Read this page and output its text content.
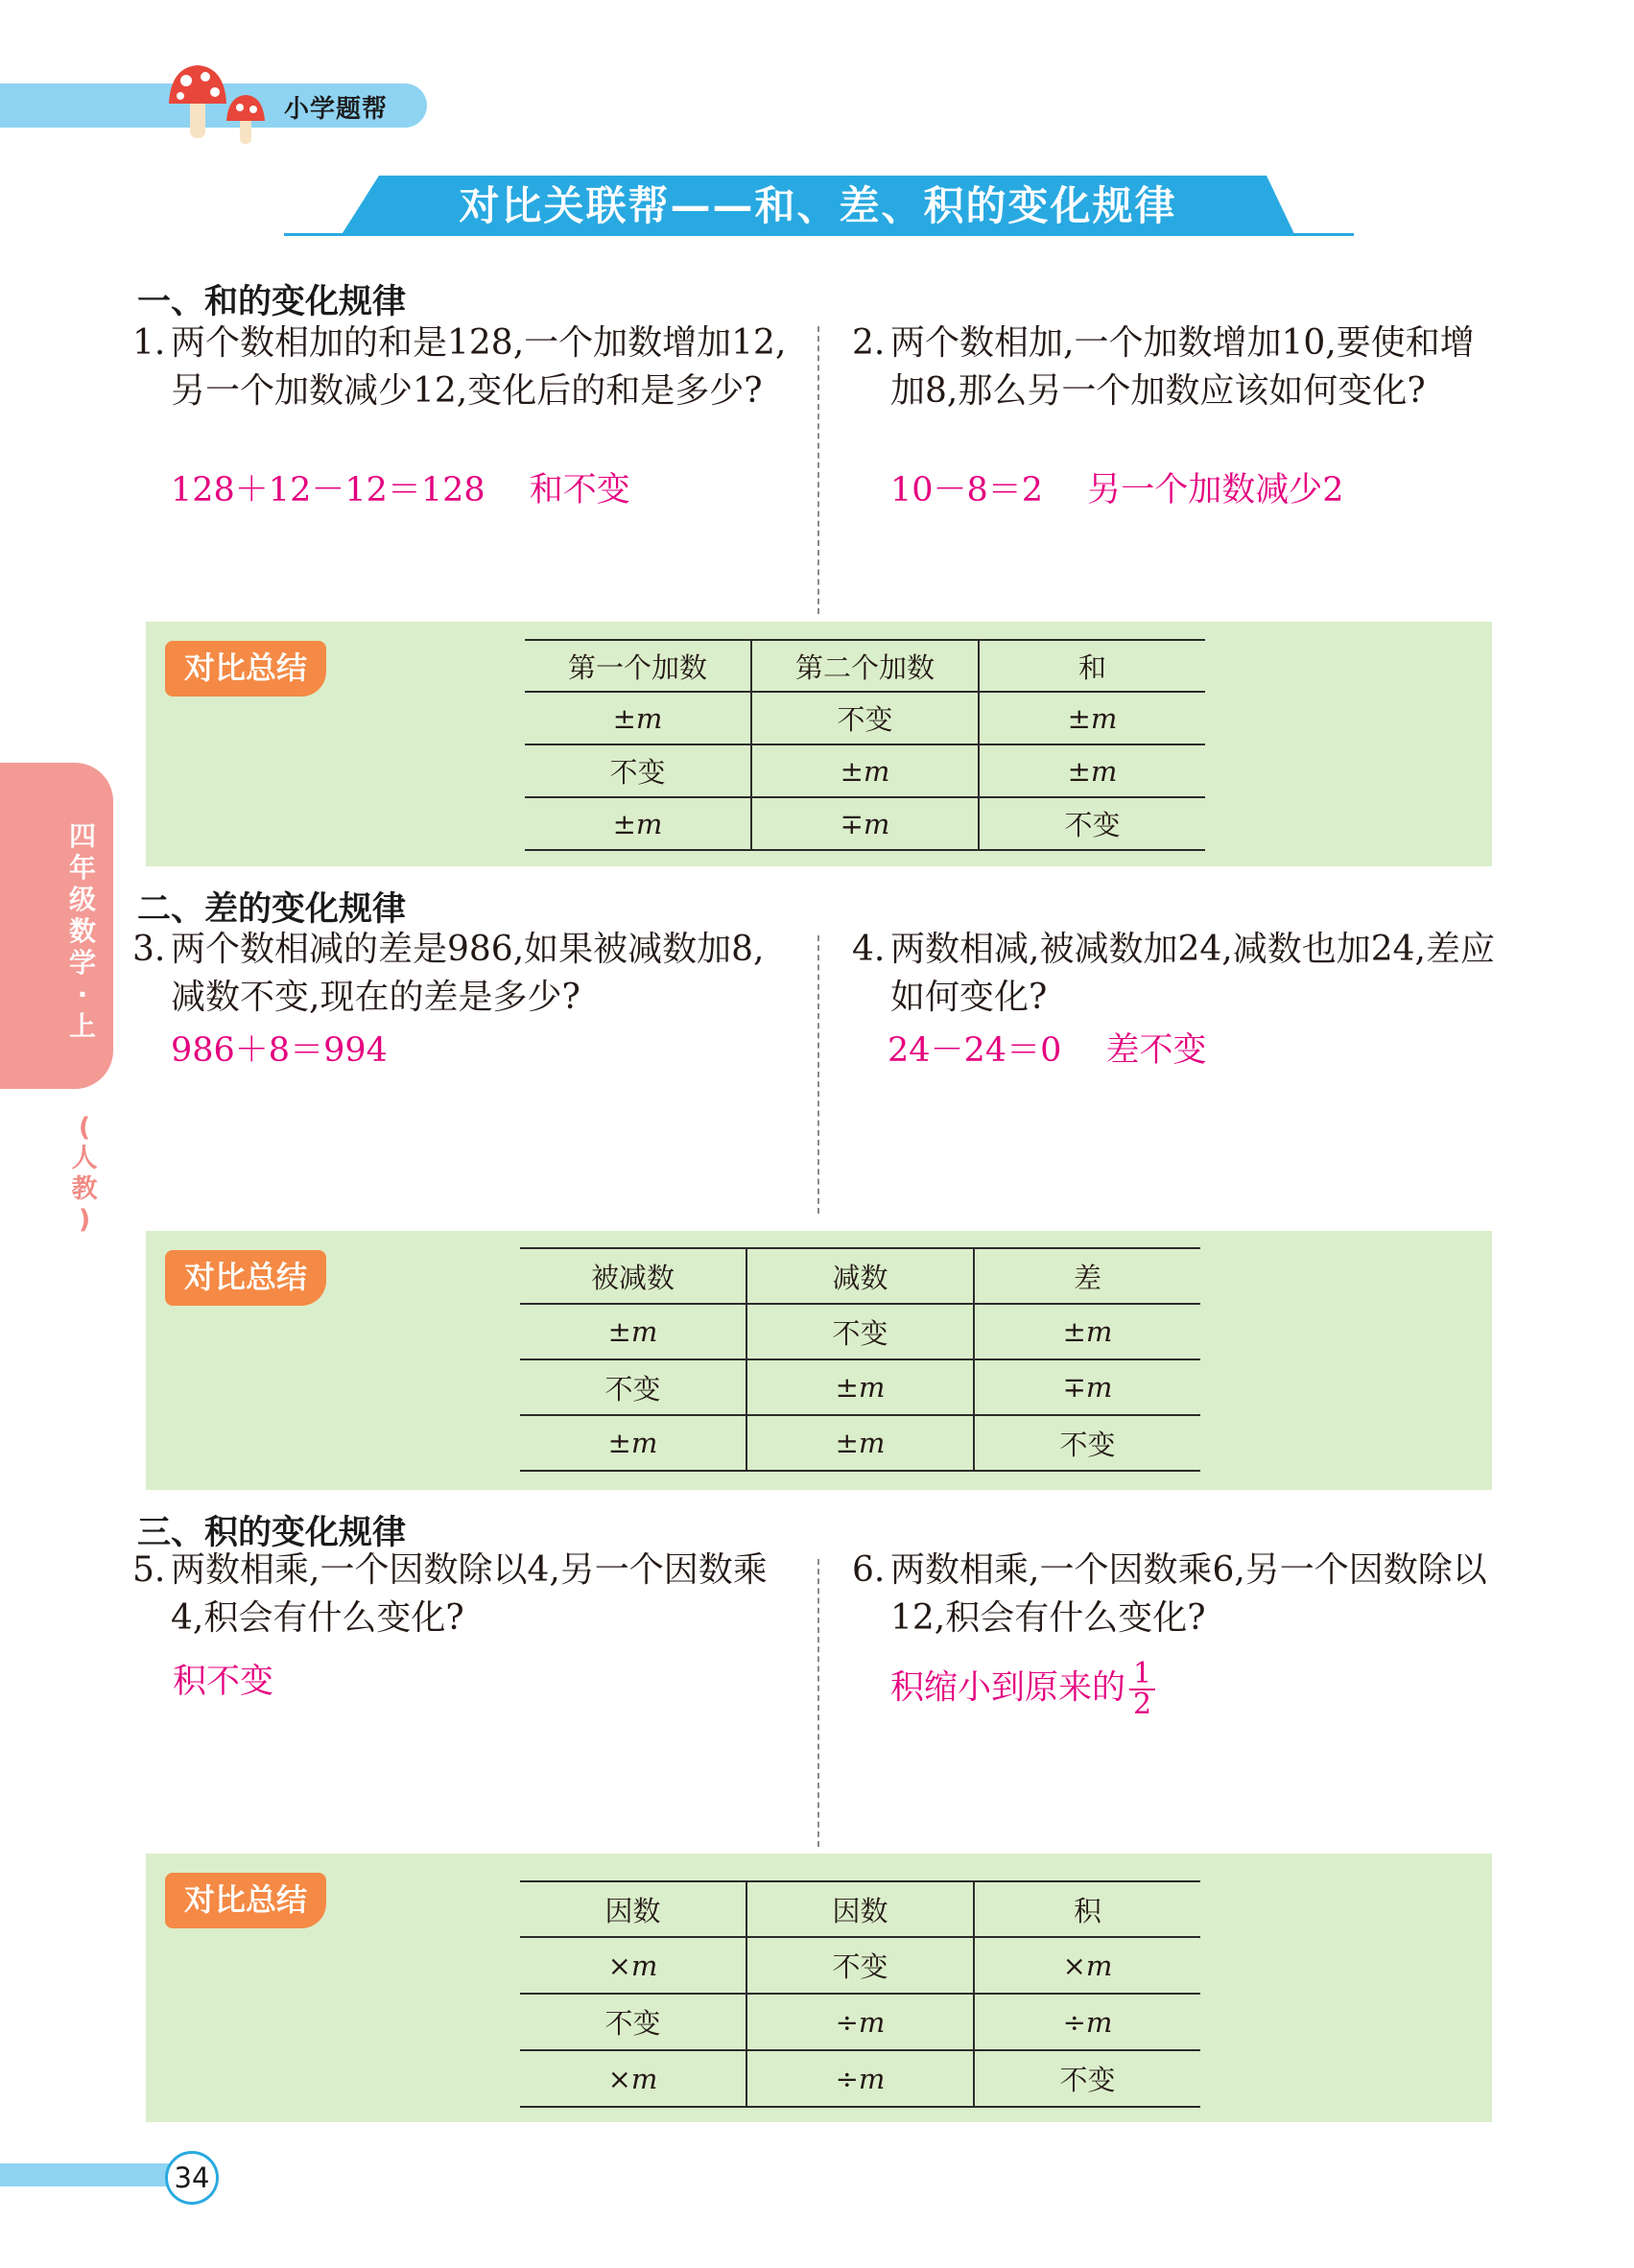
小学题帮
对比关联帮——和、差、积的变化规律
四
年
级
数
学
·
上
(
人
教
)
一、和的变化规律
1. 两个数相加的和是128,一个加数增加12,另一个加数减少12,变化后的和是多少?
128＋12－12＝128　 和不变
2. 两个数相加,一个加数增加10,要使和增加8,那么另一个加数应该如何变化?
10－8＝2　 另一个加数减少2
对比总结	第一个加数	第二个加数	和
±m	不变	±m
不变	±m	±m
±m	∓m	不变
二、差的变化规律
3. 两个数相减的差是986,如果被减数加8,减数不变,现在的差是多少?
986＋8＝994
4. 两数相减,被减数加24,减数也加24,差应如何变化?
24－24＝0　 差不变
对比总结	被减数	减数	差
±m	不变	±m
不变	±m	∓m
±m	±m	不变
三、积的变化规律
5. 两数相乘,一个因数除以4,另一个因数乘4,积会有什么变化?
积不变
6. 两数相乘,一个因数乘6,另一个因数除以12,积会有什么变化?
积缩小到原来的 $\frac{1}{2}$
对比总结	因数	因数	积
×m	不变	×m
不变	÷m	÷m
×m	÷m	不变
34
